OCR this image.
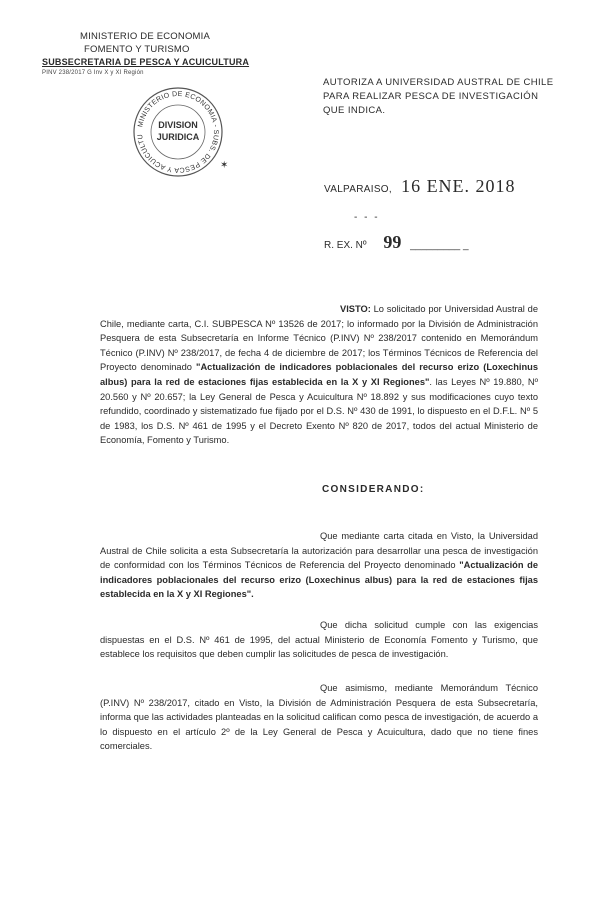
MINISTERIO DE ECONOMIA
FOMENTO Y TURISMO
SUBSECRETARIA DE PESCA Y ACUICULTURA
PINV 238/2017 G Inv X y XI Región
MINISTERIO DE ECONOMIA - SUBS. DE PESCA Y ACUICULTU
DIVISION
JURIDICA
✶
AUTORIZA A UNIVERSIDAD AUSTRAL DE CHILE PARA REALIZAR PESCA DE INVESTIGACIÓN QUE INDICA.
VALPARAISO, 16 ENE. 2018
- - -
R. EX. Nº 99 _________ _
VISTO: Lo solicitado por Universidad Austral de Chile, mediante carta, C.I. SUBPESCA Nº 13526 de 2017; lo informado por la División de Administración Pesquera de esta Subsecretaría en Informe Técnico (P.INV) Nº 238/2017 contenido en Memorándum Técnico (P.INV) Nº 238/2017, de fecha 4 de diciembre de 2017; los Términos Técnicos de Referencia del Proyecto denominado "Actualización de indicadores poblacionales del recurso erizo (Loxechinus albus) para la red de estaciones fijas establecida en la X y XI Regiones". las Leyes Nº 19.880, Nº 20.560 y Nº 20.657; la Ley General de Pesca y Acuicultura Nº 18.892 y sus modificaciones cuyo texto refundido, coordinado y sistematizado fue fijado por el D.S. Nº 430 de 1991, lo dispuesto en el D.F.L. Nº 5 de 1983, los D.S. Nº 461 de 1995 y el Decreto Exento Nº 820 de 2017, todos del actual Ministerio de Economía, Fomento y Turismo.
CONSIDERANDO:
Que mediante carta citada en Visto, la Universidad Austral de Chile solicita a esta Subsecretaría la autorización para desarrollar una pesca de investigación de conformidad con los Términos Técnicos de Referencia del Proyecto denominado "Actualización de indicadores poblacionales del recurso erizo (Loxechinus albus) para la red de estaciones fijas establecida en la X y XI Regiones".
Que dicha solicitud cumple con las exigencias dispuestas en el D.S. Nº 461 de 1995, del actual Ministerio de Economía Fomento y Turismo, que establece los requisitos que deben cumplir las solicitudes de pesca de investigación.
Que asimismo, mediante Memorándum Técnico (P.INV) Nº 238/2017, citado en Visto, la División de Administración Pesquera de esta Subsecretaría, informa que las actividades planteadas en la solicitud califican como pesca de investigación, de acuerdo a lo dispuesto en el artículo 2º de la Ley General de Pesca y Acuicultura, dado que no tiene fines comerciales.
